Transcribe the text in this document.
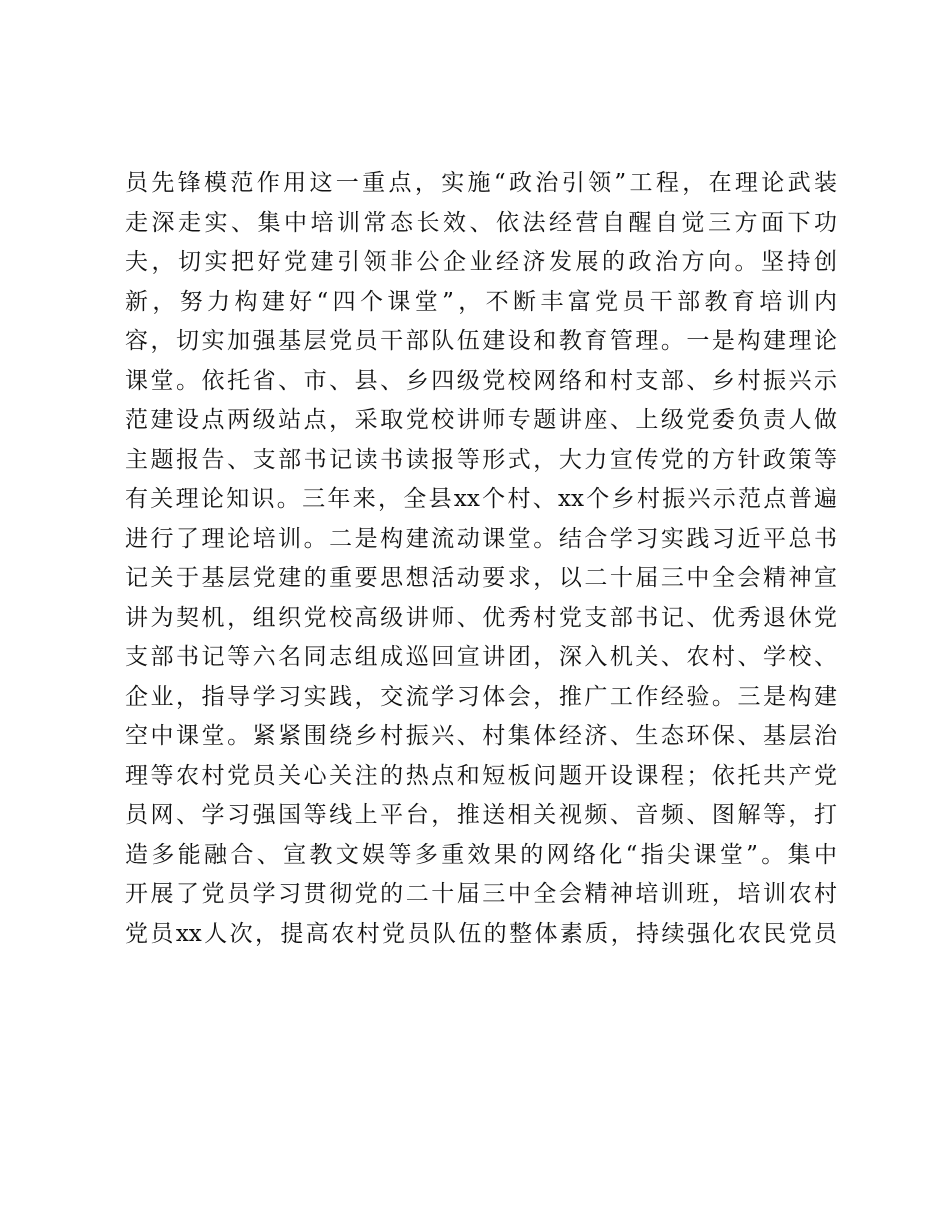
员先锋模范作用这一重点，实施“政治引领”工程，在理论武装
走深走实、集中培训常态长效、依法经营自醒自觉三方面下功
夫，切实把好党建引领非公企业经济发展的政治方向。坚持创
新，努力构建好“四个课堂”，不断丰富党员干部教育培训内
容，切实加强基层党员干部队伍建设和教育管理。一是构建理论
课堂。依托省、市、县、乡四级党校网络和村支部、乡村振兴示
范建设点两级站点，采取党校讲师专题讲座、上级党委负责人做
主题报告、支部书记读书读报等形式，大力宣传党的方针政策等
有关理论知识。三年来，全县xx个村、xx个乡村振兴示范点普遍
进行了理论培训。二是构建流动课堂。结合学习实践习近平总书
记关于基层党建的重要思想活动要求，以二十届三中全会精神宣
讲为契机，组织党校高级讲师、优秀村党支部书记、优秀退休党
支部书记等六名同志组成巡回宣讲团，深入机关、农村、学校、
企业，指导学习实践，交流学习体会，推广工作经验。三是构建
空中课堂。紧紧围绕乡村振兴、村集体经济、生态环保、基层治
理等农村党员关心关注的热点和短板问题开设课程；依托共产党
员网、学习强国等线上平台，推送相关视频、音频、图解等，打
造多能融合、宣教文娱等多重效果的网络化“指尖课堂”。集中
开展了党员学习贯彻党的二十届三中全会精神培训班，培训农村
党员xx人次，提高农村党员队伍的整体素质，持续强化农民党员
